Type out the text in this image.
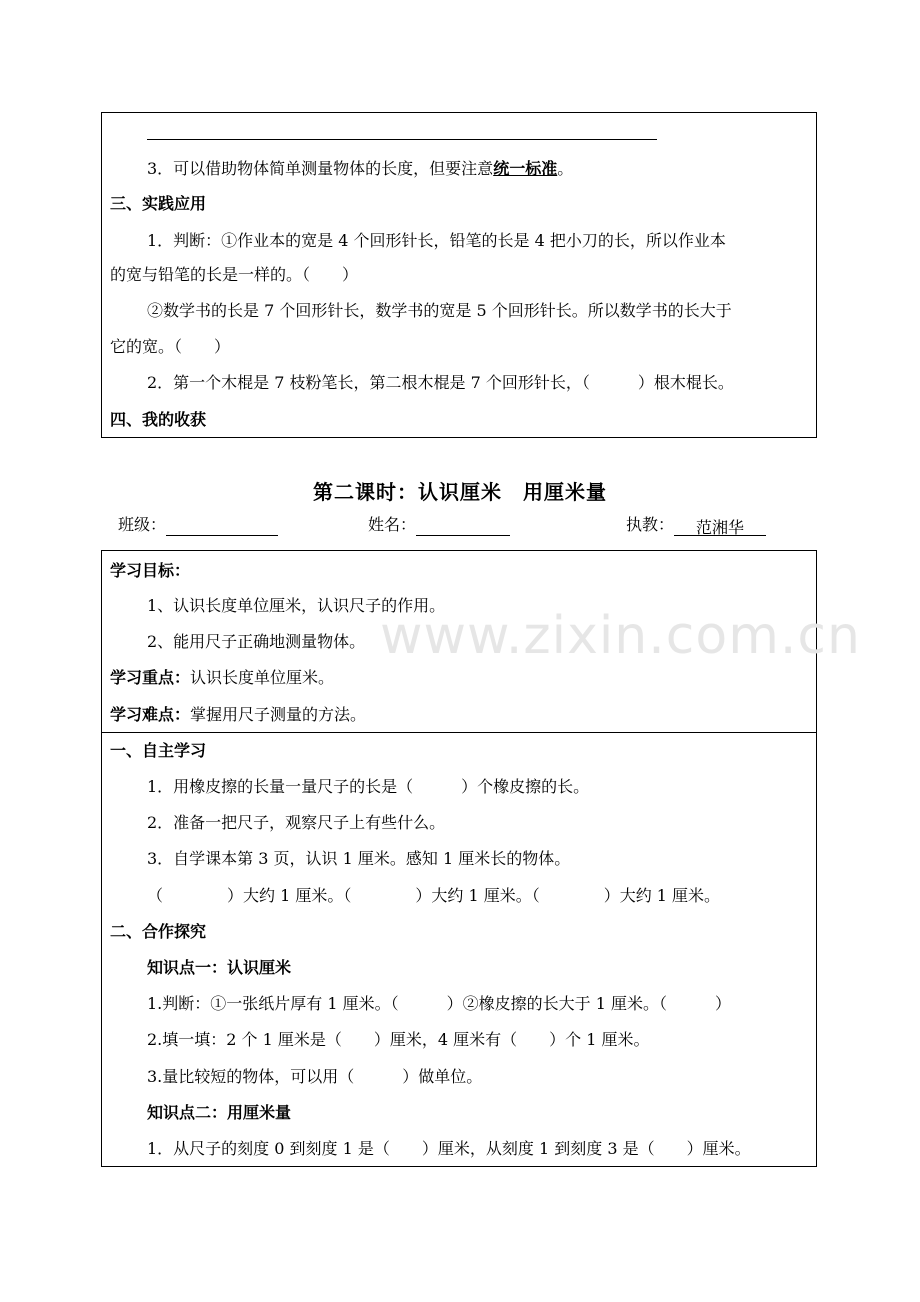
3．可以借助物体简单测量物体的长度，但要注意统一标准。
三、实践应用
1．判断：①作业本的宽是 4 个回形针长，铅笔的长是 4 把小刀的长，所以作业本
的宽与铅笔的长是一样的。（　　）
②数学书的长是 7 个回形针长，数学书的宽是 5 个回形针长。所以数学书的长大于
它的宽。（　　）
2．第一个木棍是 7 枝粉笔长，第二根木棍是 7 个回形针长，（　　　）根木棍长。
四、我的收获
第二课时：认识厘米　用厘米量
班级：	姓名：	执教： 范湘华
学习目标：
1、认识长度单位厘米，认识尺子的作用。
2、能用尺子正确地测量物体。
学习重点：认识长度单位厘米。
学习难点：掌握用尺子测量的方法。
一、自主学习
1．用橡皮擦的长量一量尺子的长是（　　　）个橡皮擦的长。
2．准备一把尺子，观察尺子上有些什么。
3．自学课本第 3 页，认识 1 厘米。感知 1 厘米长的物体。
（　　　　）大约 1 厘米。（　　　　）大约 1 厘米。（　　　　）大约 1 厘米。
二、合作探究
知识点一：认识厘米
1.判断：①一张纸片厚有 1 厘米。（　　　）②橡皮擦的长大于 1 厘米。（　　　）
2.填一填：2 个 1 厘米是（　　）厘米，4 厘米有（　　）个 1 厘米。
3.量比较短的物体，可以用（　　　）做单位。
知识点二：用厘米量
1．从尺子的刻度 0 到刻度 1 是（　　）厘米，从刻度 1 到刻度 3 是（　　）厘米。
www.zixin.com.cn
